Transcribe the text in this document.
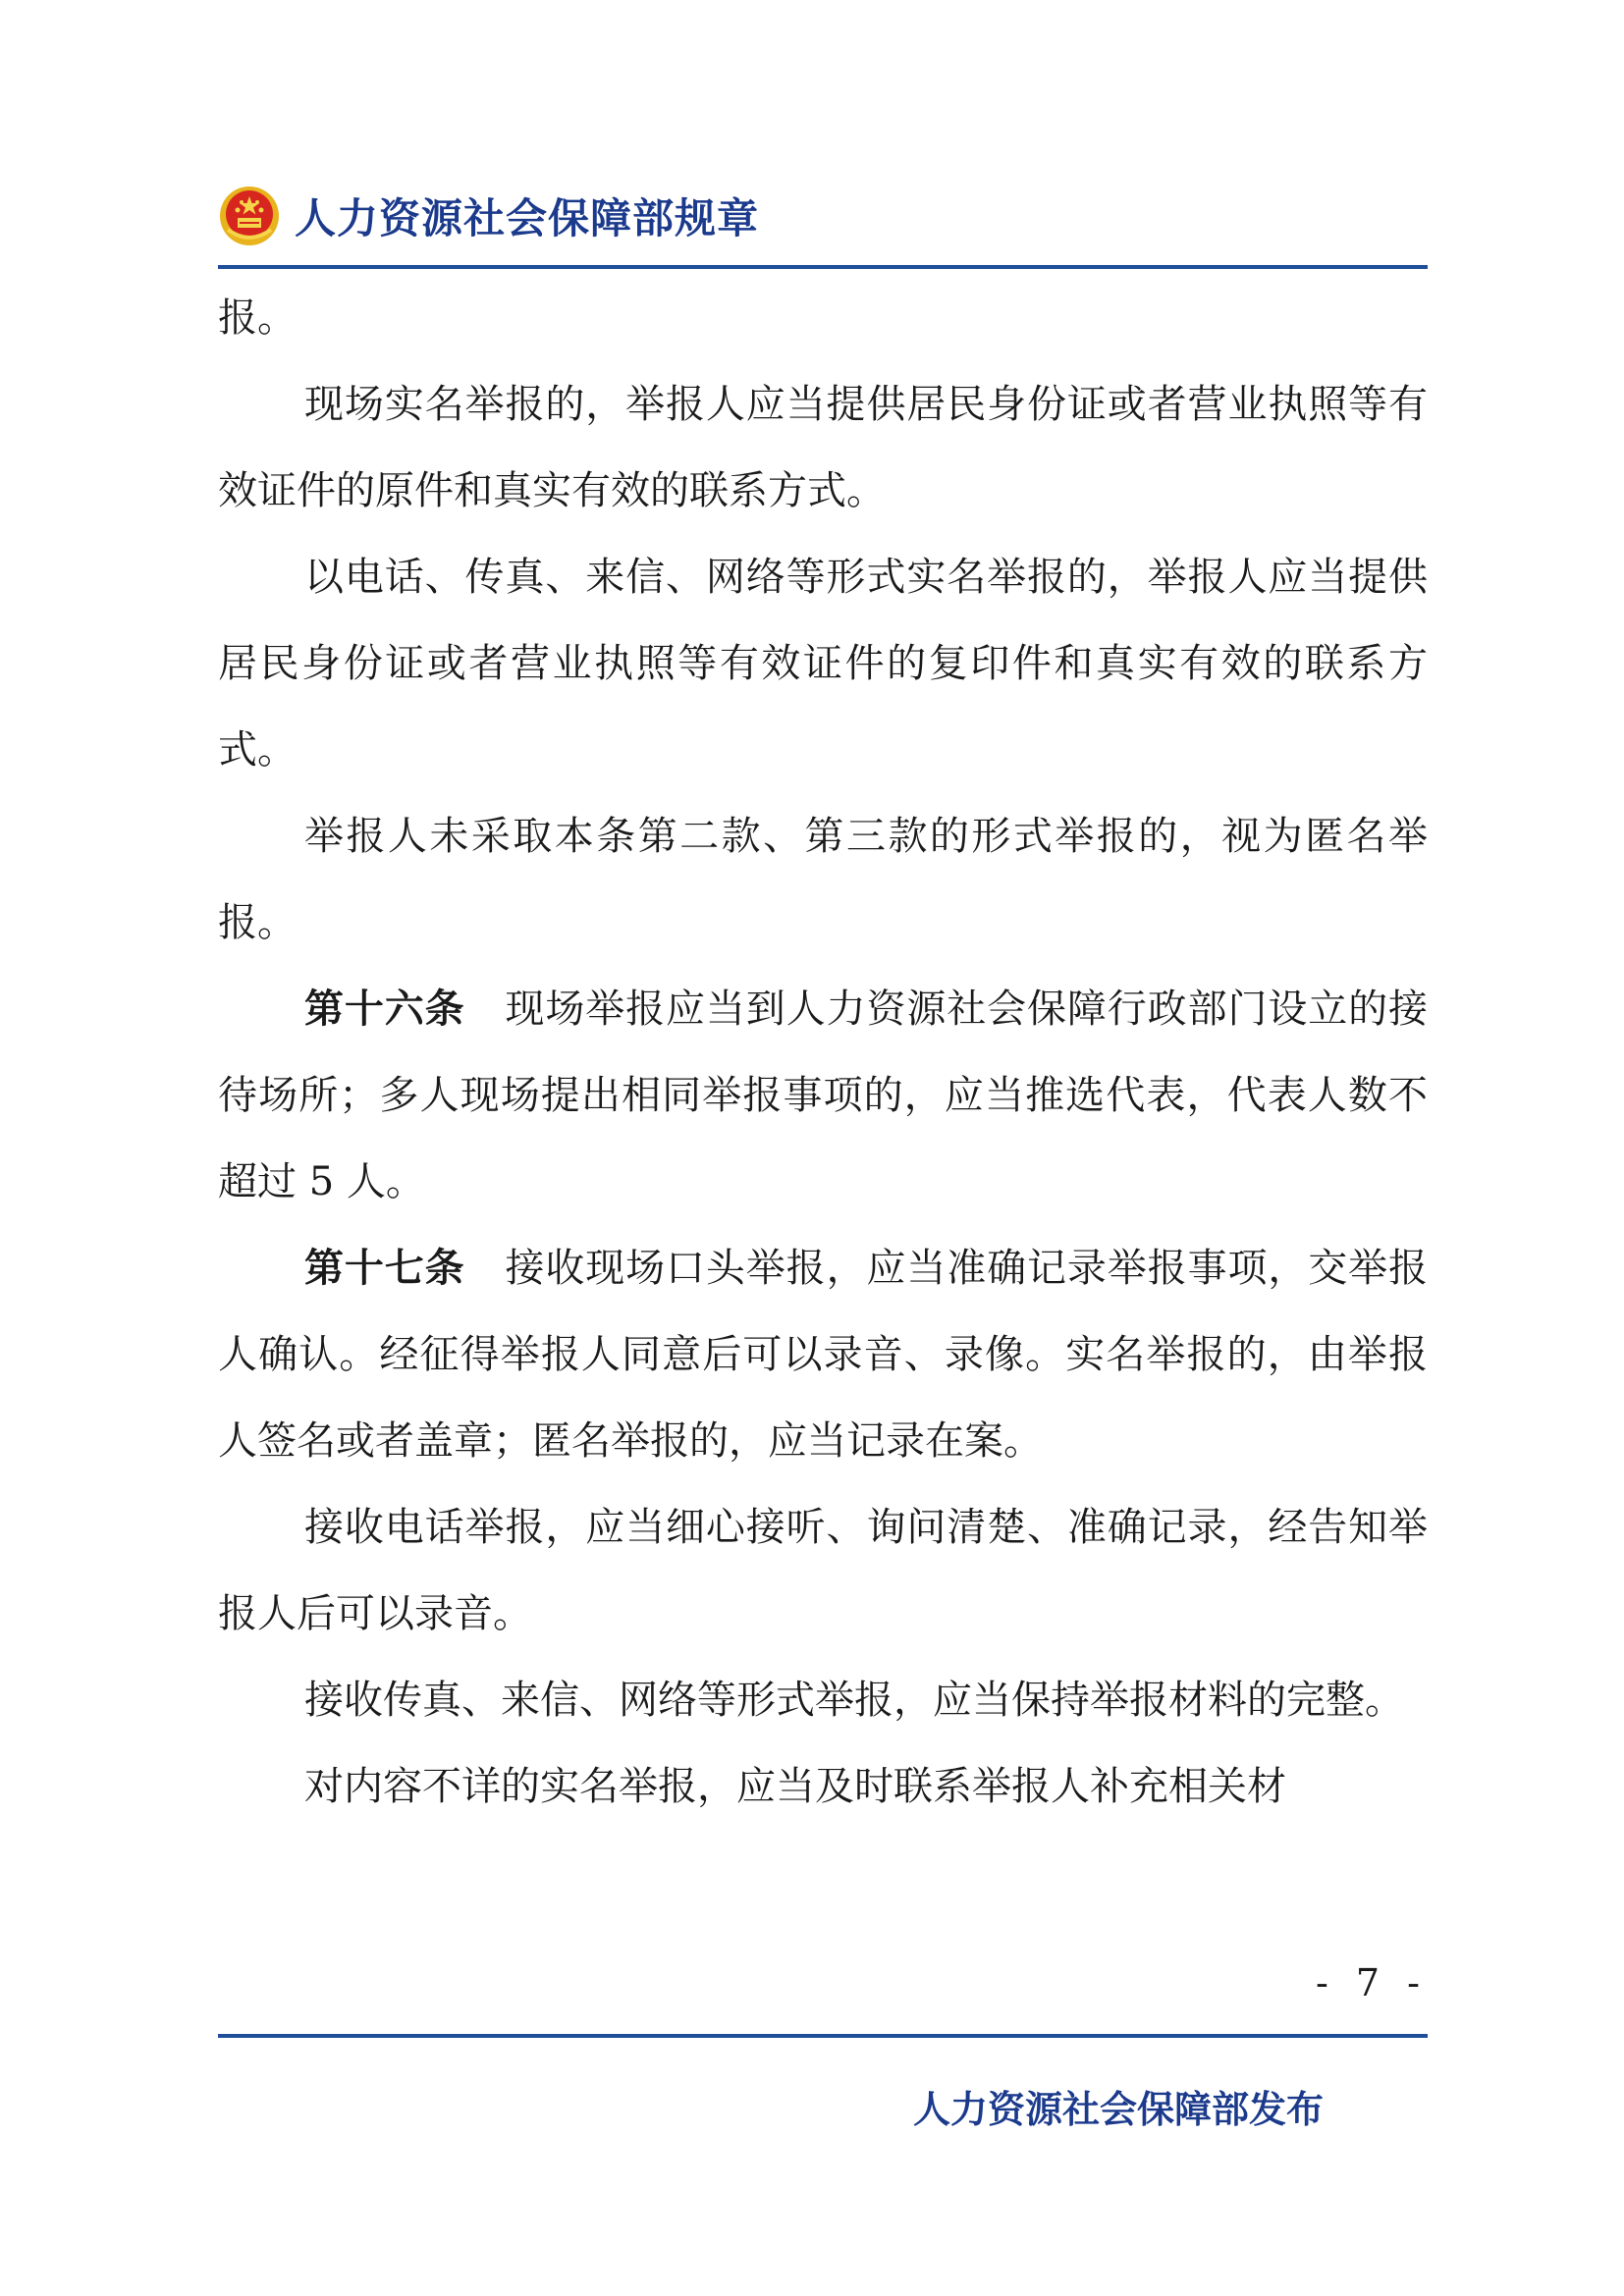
人力资源社会保障部规章

报。

现场实名举报的，举报人应当提供居民身份证或者营业执照等有效证件的原件和真实有效的联系方式。

以电话、传真、来信、网络等形式实名举报的，举报人应当提供居民身份证或者营业执照等有效证件的复印件和真实有效的联系方式。

举报人未采取本条第二款、第三款的形式举报的，视为匿名举报。

第十六条　 现场举报应当到人力资源社会保障行政部门设立的接待场所；多人现场提出相同举报事项的，应当推选代表，代表人数不超过 5 人。

第十七条　 接收现场口头举报，应当准确记录举报事项，交举报人确认。经征得举报人同意后可以录音、录像。实名举报的，由举报人签名或者盖章；匿名举报的，应当记录在案。

接收电话举报，应当细心接听、询问清楚、准确记录，经告知举报人后可以录音。

接收传真、来信、网络等形式举报，应当保持举报材料的完整。

对内容不详的实名举报，应当及时联系举报人补充相关材

- 7 -
人力资源社会保障部发布
